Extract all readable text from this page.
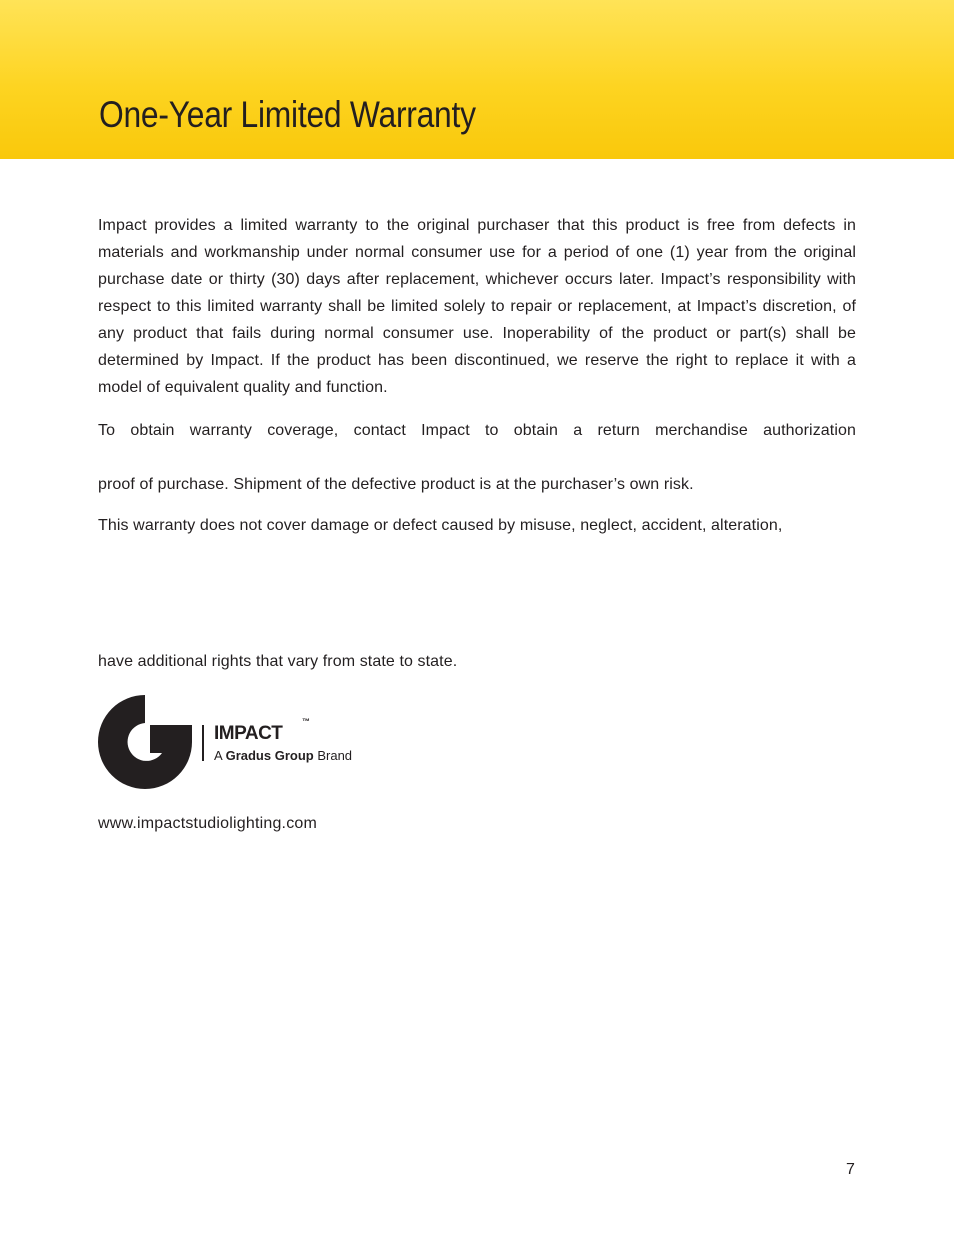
One-Year Limited Warranty

Impact provides a limited warranty to the original purchaser that this product is free from defects in materials and workmanship under normal consumer use for a period of one (1) year from the original purchase date or thirty (30) days after replacement, whichever occurs later. Impact’s responsibility with respect to this limited warranty shall be limited solely to repair or replacement, at Impact’s discretion, of any product that fails during normal consumer use. Inoperability of the product or part(s) shall be determined by Impact. If the product has been discontinued, we reserve the right to replace it with a model of equivalent quality and function.

To obtain warranty coverage, contact Impact to obtain a return merchandise authorization

proof of purchase. Shipment of the defective product is at the purchaser’s own risk.

This warranty does not cover damage or defect caused by misuse, neglect, accident, alteration,

have additional rights that vary from state to state.

IMPACT
™
A Gradus Group Brand
www.impactstudiolighting.com
7
